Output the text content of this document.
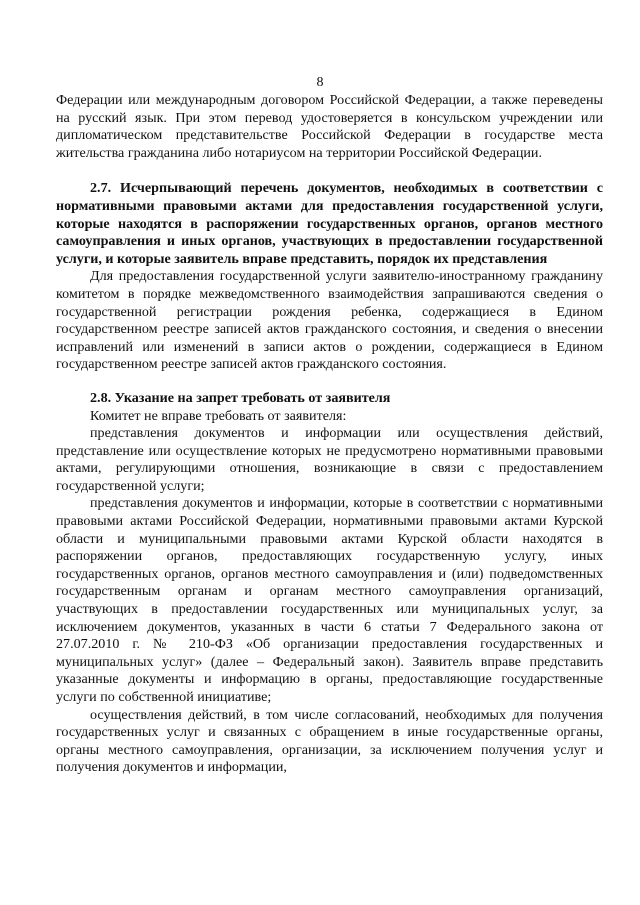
8

Федерации или международным договором Российской Федерации, а также переведены на русский язык. При этом перевод удостоверяется в консульском учреждении или дипломатическом представительстве Российской Федерации в государстве места жительства гражданина либо нотариусом на территории Российской Федерации.

2.7. Исчерпывающий перечень документов, необходимых в соответствии с нормативными правовыми актами для предоставления государственной услуги, которые находятся в распоряжении государственных органов, органов местного самоуправления и иных органов, участвующих в предоставлении государственной услуги, и которые заявитель вправе представить, порядок их представления

Для предоставления государственной услуги заявителю-иностранному гражданину комитетом в порядке межведомственного взаимодействия запрашиваются сведения о государственной регистрации рождения ребенка, содержащиеся в Едином государственном реестре записей актов гражданского состояния, и сведения о внесении исправлений или изменений в записи актов о рождении, содержащиеся в Едином государственном реестре записей актов гражданского состояния.

2.8. Указание на запрет требовать от заявителя

Комитет не вправе требовать от заявителя:

представления документов и информации или осуществления действий, представление или осуществление которых не предусмотрено нормативными правовыми актами, регулирующими отношения, возникающие в связи с предоставлением государственной услуги;

представления документов и информации, которые в соответствии с нормативными правовыми актами Российской Федерации, нормативными правовыми актами Курской области и муниципальными правовыми актами Курской области находятся в распоряжении органов, предоставляющих государственную услугу, иных государственных органов, органов местного самоуправления и (или) подведомственных государственным органам и органам местного самоуправления организаций, участвующих в предоставлении государственных или муниципальных услуг, за исключением документов, указанных в части 6 статьи 7 Федерального закона от 27.07.2010 г. № 210-ФЗ «Об организации предоставления государственных и муниципальных услуг» (далее – Федеральный закон). Заявитель вправе представить указанные документы и информацию в органы, предоставляющие государственные услуги по собственной инициативе;

осуществления действий, в том числе согласований, необходимых для получения государственных услуг и связанных с обращением в иные государственные органы, органы местного самоуправления, организации, за исключением получения услуг и получения документов и информации,
